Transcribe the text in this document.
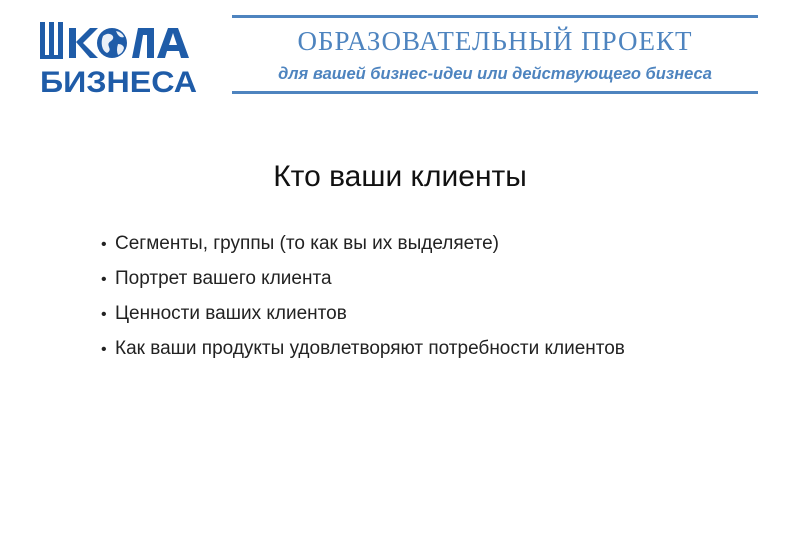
БИЗНЕСА
ОБРАЗОВАТЕЛЬНЫЙ ПРОЕКТ
для вашей бизнес-идеи или действующего бизнеса
Кто ваши клиенты
• Сегменты, группы (то как вы их выделяете)
• Портрет вашего клиента
• Ценности ваших клиентов
• Как ваши продукты удовлетворяют потребности клиентов
